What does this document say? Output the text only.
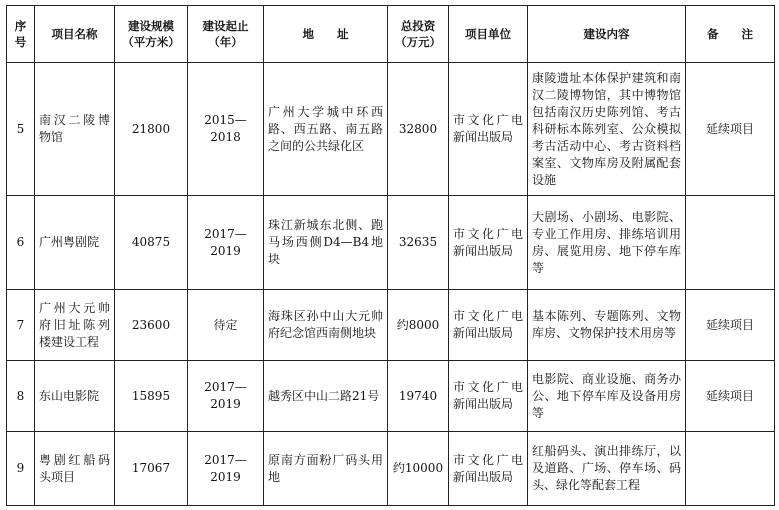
序号	项目名称	建设规模（平方米）	建设起止（年）	地　　址	总投资（万元）	项目单位	建设内容	备　　注
5	南汉二陵博物馆	21800	2015—2018	广州大学城中环西路、西五路、南五路之间的公共绿化区	32800	市文化广电新闻出版局	康陵遗址本体保护建筑和南汉二陵博物馆，其中博物馆包括南汉历史陈列馆、考古科研标本陈列室、公众模拟考古活动中心、考古资料档案室、文物库房及附属配套设施	延续项目
6	广州粤剧院	40875	2017—2019	珠江新城东北侧、跑马场西侧D4—B4地块	32635	市文化广电新闻出版局	大剧场、小剧场、电影院、专业工作用房、排练培训用房、展览用房、地下停车库等	
7	广州大元帅府旧址陈列楼建设工程	23600	待定	海珠区孙中山大元帅府纪念馆西南侧地块	约8000	市文化广电新闻出版局	基本陈列、专题陈列、文物库房、文物保护技术用房等	延续项目
8	东山电影院	15895	2017—2019	越秀区中山二路21号	19740	市文化广电新闻出版局	电影院、商业设施、商务办公、地下停车库及设备用房等	延续项目
9	粤剧红船码头项目	17067	2017—2019	原南方面粉厂码头用地	约10000	市文化广电新闻出版局	红船码头、演出排练厅，以及道路、广场、停车场、码头、绿化等配套工程	
